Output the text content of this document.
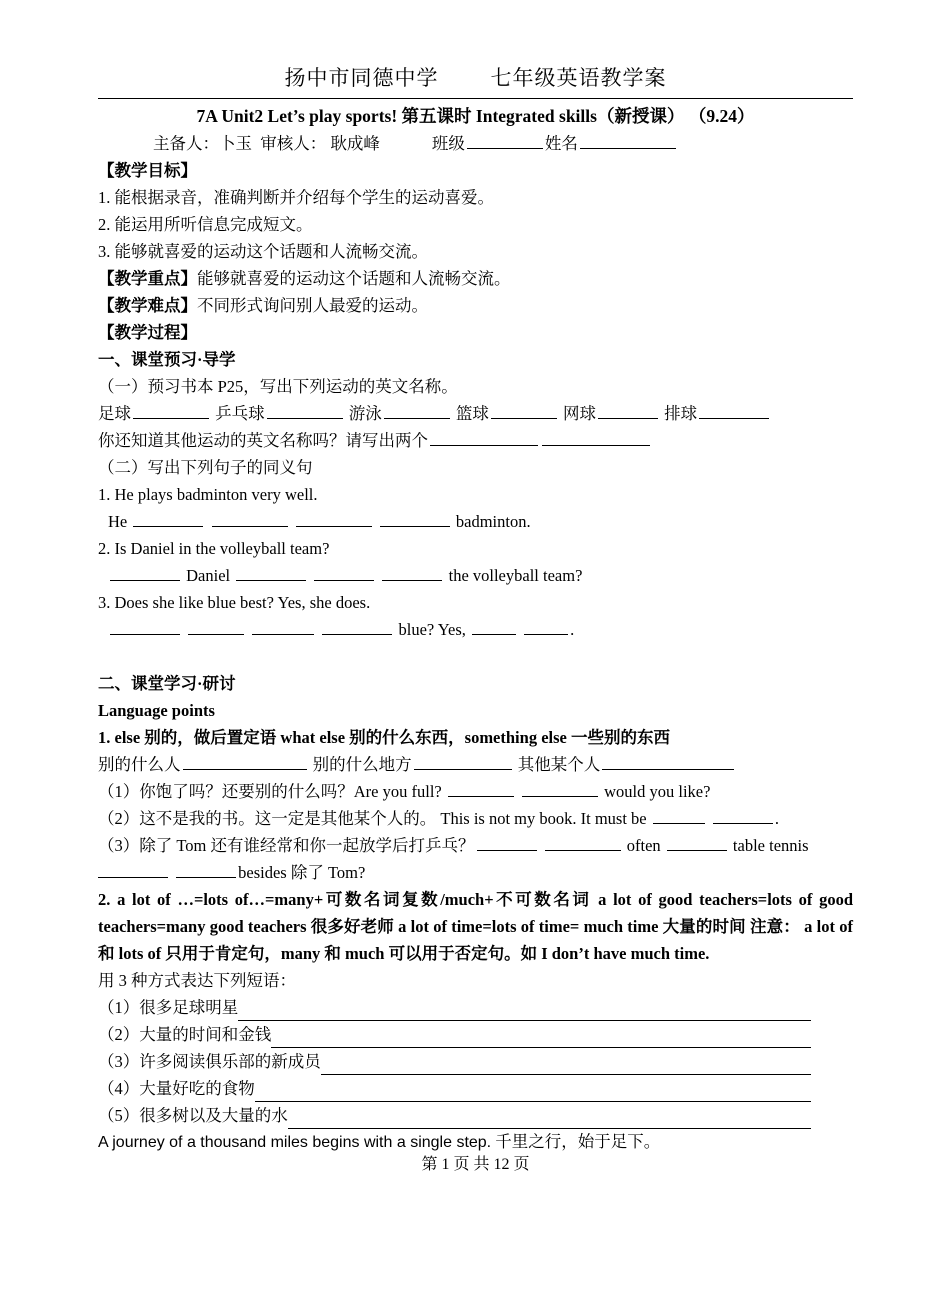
扬中市同德中学 七年级英语教学案
7A Unit2 Let’s play sports! 第五课时 Integrated skills（新授课） （9.24）
主备人：卜玉 审核人： 耿成峰	班级	姓名
【教学目标】
1. 能根据录音，准确判断并介绍每个学生的运动喜爱。
2. 能运用所听信息完成短文。
3. 能够就喜爱的运动这个话题和人流畅交流。
【教学重点】能够就喜爱的运动这个话题和人流畅交流。
【教学难点】不同形式询问别人最爱的运动。
【教学过程】
一、课堂预习·导学
（一）预习书本 P25，写出下列运动的英文名称。
足球	乒乓球	游泳	篮球	网球	排球
你还知道其他运动的英文名称吗？请写出两个
（二）写出下列句子的同义句
1. He plays badminton very well.
He	badminton.
2. Is Daniel in the volleyball team?
Daniel	the volleyball team?
3. Does she like blue best? Yes, she does.
blue? Yes,	.
二、课堂学习·研讨
Language points
1. else 别的，做后置定语 what else 别的什么东西，something else 一些别的东西
别的什么人	别的什么地方	其他某个人
（1）你饱了吗？还要别的什么吗？Are you full?	would you like?
（2）这不是我的书。这一定是其他某个人的。 This is not my book. It must be	.
（3）除了 Tom 还有谁经常和你一起放学后打乒乓？	often	table tennis
besides 除了 Tom?
2. a lot of …=lots of…=many+可数名词复数/much+不可数名词 a lot of good teachers=lots of good teachers=many good teachers 很多好老师 a lot of time=lots of time= much time 大量的时间 注意： a lot of 和 lots of 只用于肯定句，many 和 much 可以用于否定句。如 I don’t have much time.
用 3 种方式表达下列短语：
（1）很多足球明星
（2）大量的时间和金钱
（3）许多阅读俱乐部的新成员
（4）大量好吃的食物
（5）很多树以及大量的水
A journey of a thousand miles begins with a single step. 千里之行，始于足下。
第 1 页 共 12 页
